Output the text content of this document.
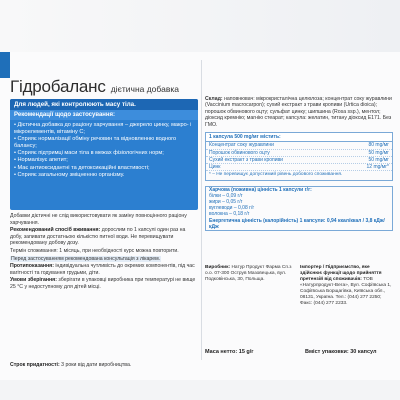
Гідробаланс дієтична добавка
Для людей, які контролюють масу тіла.
Рекомендації щодо застосування:
• Дієтична добавка до раціону харчування – джерело цинку, макро- і мікроелементів, вітаміну С;
• Сприяє нормалізації обміну речовин та відновленню водного балансу;
• Сприяє підтримці маси тіла в межах фізіологічних норм;
• Нормалізує апетит;
• Має антиоксидантні та детоксикаційні властивості;
• Сприяє загальному зміцненню організму.

Добавки дієтичні не слід використовувати як заміну повноцінного раціону харчування.

Рекомендований спосіб вживання: дорослим по 1 капсулі один раз на добу, запивати достатньою кількістю питної води. Не перевищувати рекомендовану добову дозу.

Термін споживання: 1 місяць, при необхідності курс можна повторити.

Перед застосуванням рекомендована консультація з лікарем.

Протипоказання: індивідуальна чутливість до окремих компонентів, під час вагітності та годування грудьми, діти.

Умови зберігання: зберігати в упаковці виробника при температурі не вище 25 °С у недоступному для дітей місці.

Склад: наповнювач: мікрокристалічна целюлоза; концентрат соку журавлини (Vaccinium macrocarpon); сухий екстракт з трави кропиви (Urtica dioica); порошок обвинового оцту; сульфат цинку; шипшина (Rosa ssp.), ментол; діоксид кремнію; магнію стеарат; капсула: желатин, титану діоксид E171. Без ГМО.
1 капсула 500 mg/мг містить:
Концентрат соку журавлини	80 mg/мг
Порошок обвинового оцту	50 mg/мг
Сухий екстракт з трави кропиви	50 mg/мг
Цинк	12 mg/мг*
* – Не перевищує допустимий рівень добового споживання.
Харчова (поживна) цінність 1 капсули г/г:
білки – 0,09 г/г
жири – 0,05 г/г
вуглеводи – 0,08 г/г
волокна – 0,18 г/г
Енергетична цінність (калорійність) 1 капсули: 0,94 ккал/ккал / 3,8 кДж/кДж
Виробник: Натур Продукт Фарма Сп.з о.о. 07-300 Острув Мазовецька, вул. Подковінська, 30, Польща.
Імпортер / Підприємство, яке здійснює функції щодо прийняття претензій від споживачів: ТОВ «Натурпродукт-Вега», Вул. Софіївська 1, Софіївська Борщагівка, Київська обл., 08131, Україна. Тел.: (044) 277 2250; Факс: (044) 277 2233.
Маса нетто: 15 g/г	Вміст упаковки: 30 капсул
Строк придатності: 3 роки від дати виробництва.
